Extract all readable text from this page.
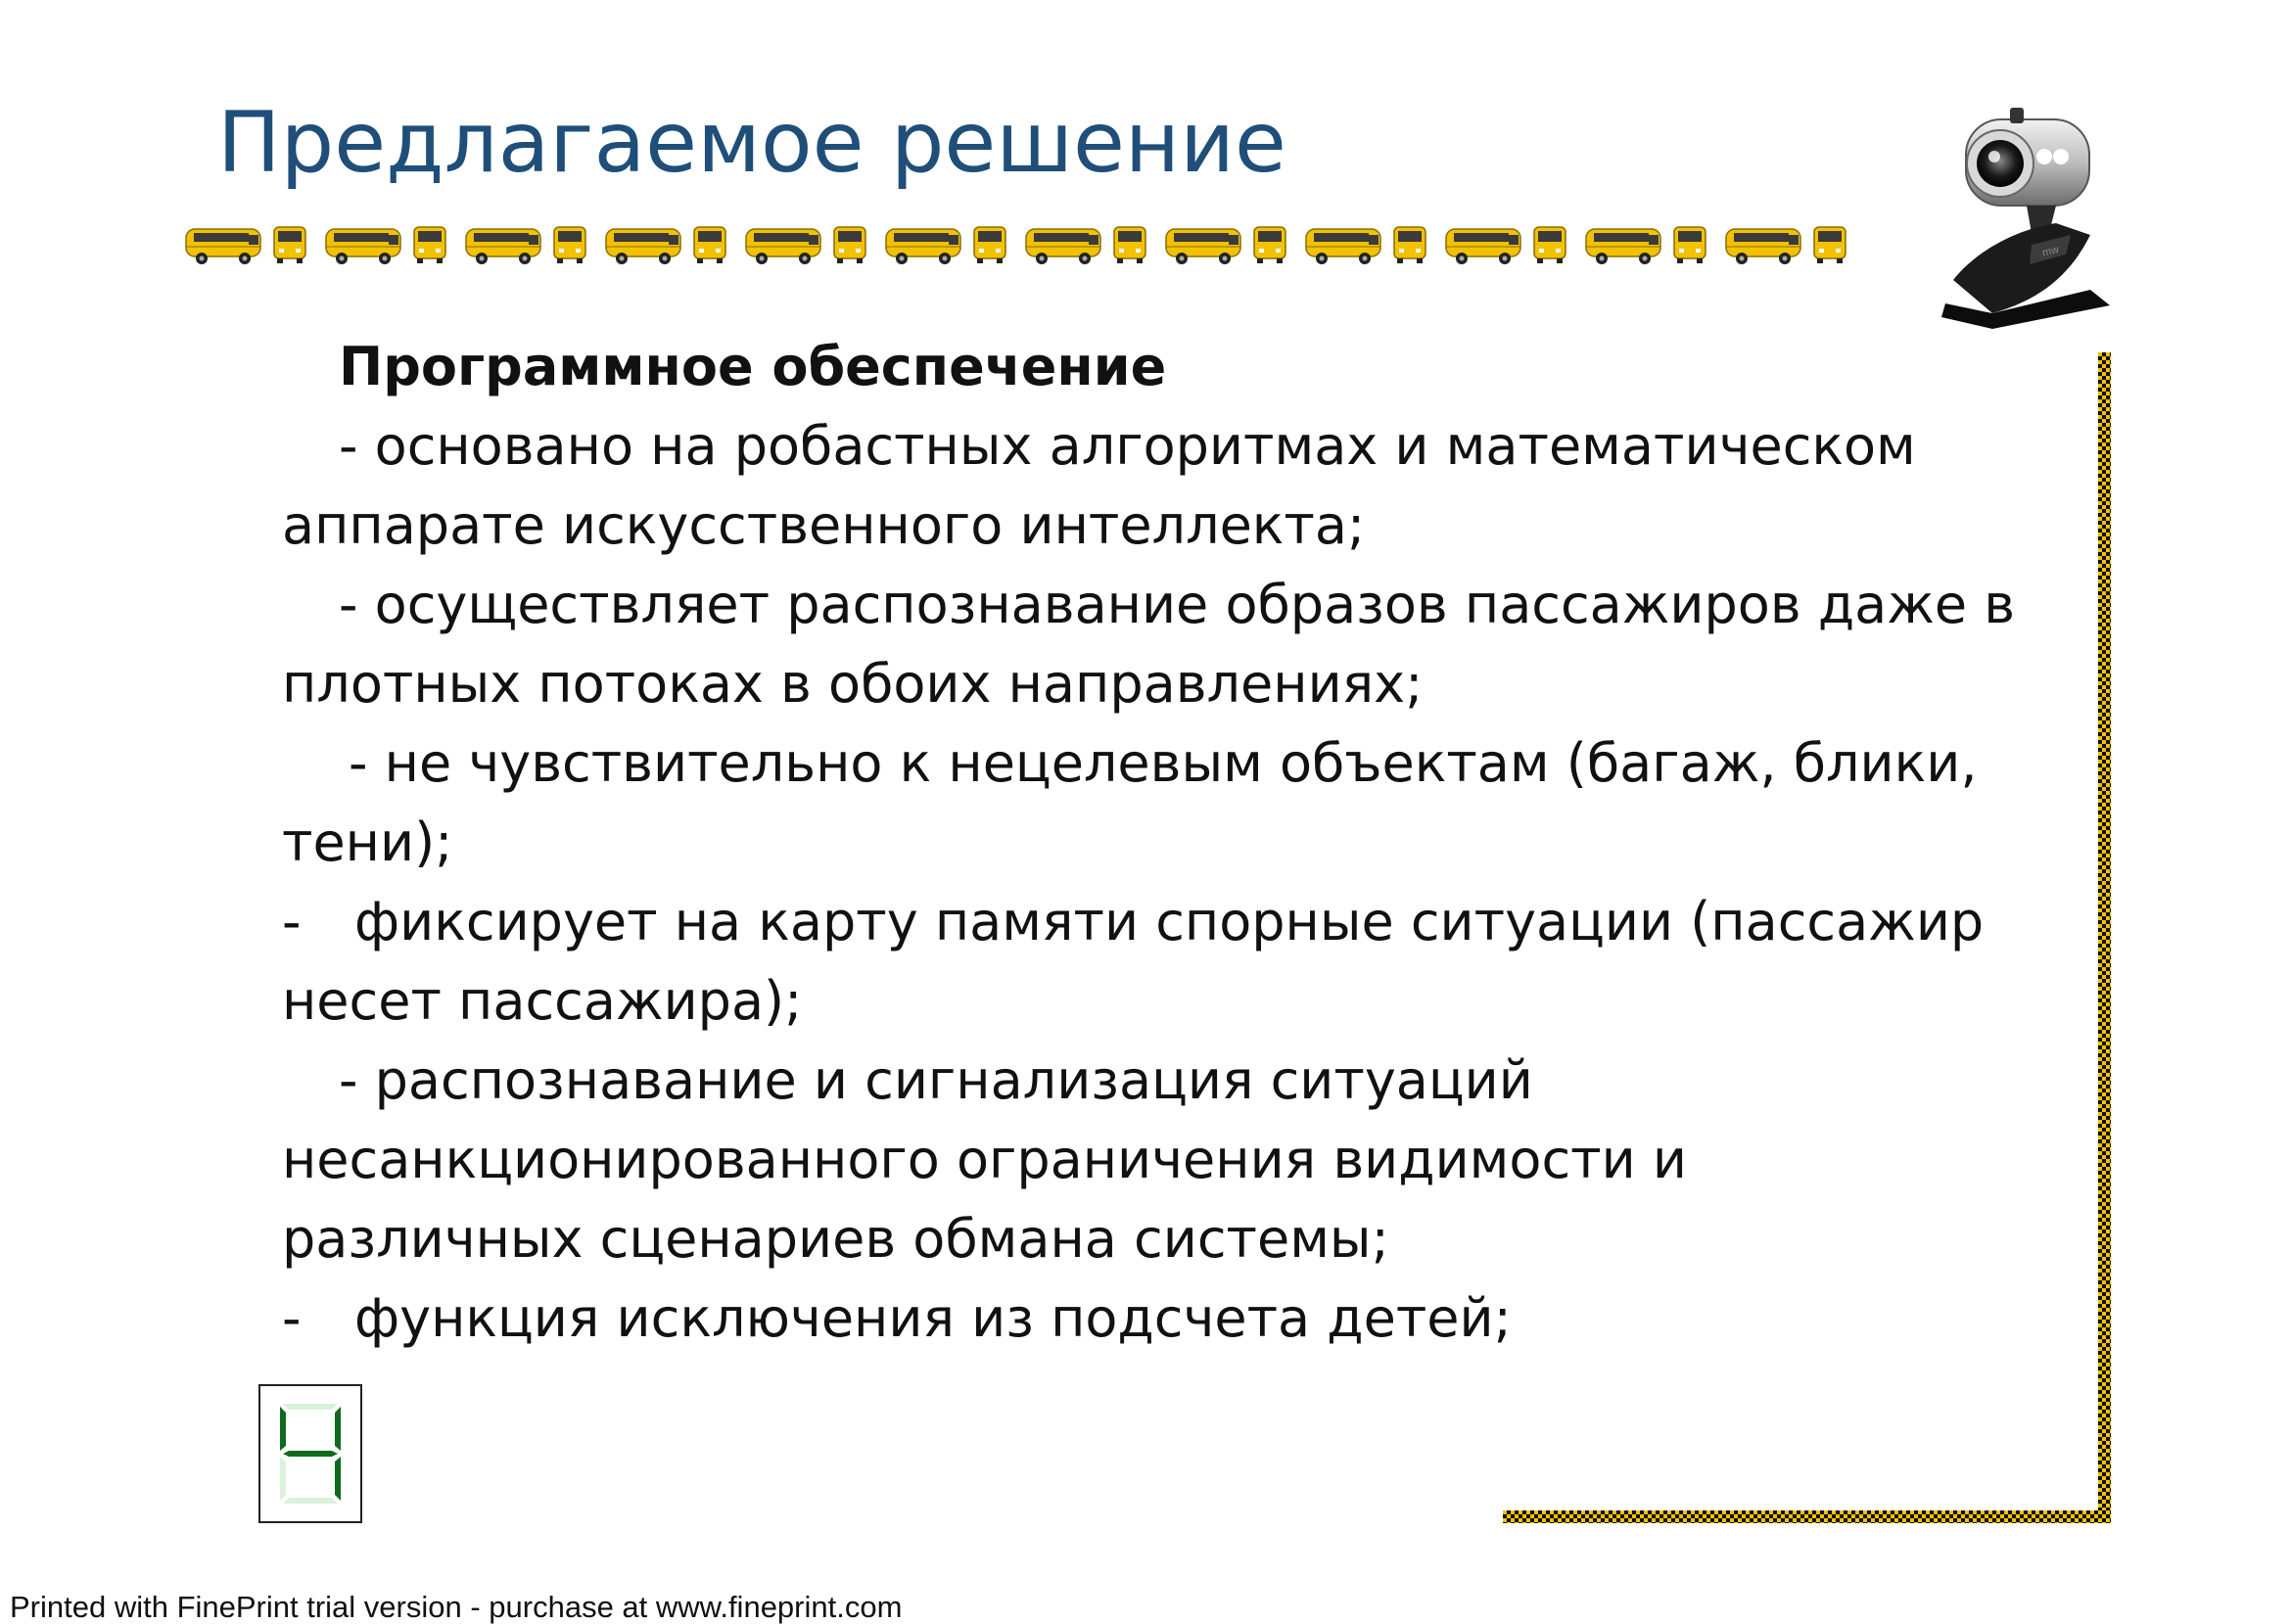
Предлагаемое решение
mw
Программное обеспечение

- основано на робастных алгоритмах и математическом

аппарате искусственного интеллекта;

- осуществляет распознавание образов пассажиров даже в

плотных потоках в обоих направлениях;

- не чувствительно к нецелевым объектам (багаж, блики,

тени);

- фиксирует на карту памяти спорные ситуации (пассажир

несет пассажира);

- распознавание и сигнализация ситуаций

несанкционированного ограничения видимости и

различных сценариев обмана системы;

- функция исключения из подсчета детей;

Printed with FinePrint trial version - purchase at www.fineprint.com
